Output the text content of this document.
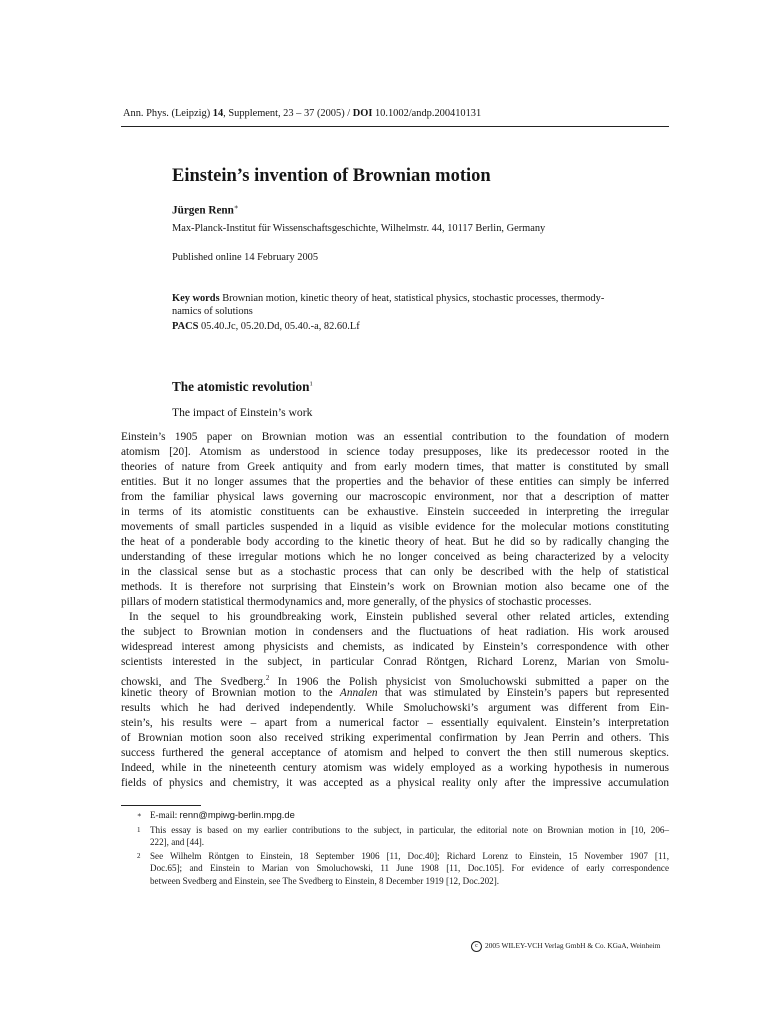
Ann. Phys. (Leipzig) 14, Supplement, 23 – 37 (2005) / DOI 10.1002/andp.200410131
Einstein’s invention of Brownian motion
Jürgen Renn∗
Max-Planck-Institut für Wissenschaftsgeschichte, Wilhelmstr. 44, 10117 Berlin, Germany
Published online 14 February 2005
Key words Brownian motion, kinetic theory of heat, statistical physics, stochastic processes, thermody-
namics of solutions
PACS 05.40.Jc, 05.20.Dd, 05.40.-a, 82.60.Lf
The atomistic revolution$^1$
The impact of Einstein’s work
Einstein’s 1905 paper on Brownian motion was an essential contribution to the foundation of modern
atomism [20]. Atomism as understood in science today presupposes, like its predecessor rooted in the
theories of nature from Greek antiquity and from early modern times, that matter is constituted by small
entities. But it no longer assumes that the properties and the behavior of these entities can simply be inferred
from the familiar physical laws governing our macroscopic environment, nor that a description of matter
in terms of its atomistic constituents can be exhaustive. Einstein succeeded in interpreting the irregular
movements of small particles suspended in a liquid as visible evidence for the molecular motions constituting
the heat of a ponderable body according to the kinetic theory of heat. But he did so by radically changing the
understanding of these irregular motions which he no longer conceived as being characterized by a velocity
in the classical sense but as a stochastic process that can only be described with the help of statistical
methods. It is therefore not surprising that Einstein’s work on Brownian motion also became one of the
pillars of modern statistical thermodynamics and, more generally, of the physics of stochastic processes.
In the sequel to his groundbreaking work, Einstein published several other related articles, extending
the subject to Brownian motion in condensers and the fluctuations of heat radiation. His work aroused
widespread interest among physicists and chemists, as indicated by Einstein’s correspondence with other
scientists interested in the subject, in particular Conrad Röntgen, Richard Lorenz, Marian von Smolu-
chowski, and The Svedberg.$^2$ In 1906 the Polish physicist von Smoluchowski submitted a paper on the
kinetic theory of Brownian motion to the Annalen that was stimulated by Einstein’s papers but represented
results which he had derived independently. While Smoluchowski’s argument was different from Ein-
stein’s, his results were – apart from a numerical factor – essentially equivalent. Einstein’s interpretation
of Brownian motion soon also received striking experimental confirmation by Jean Perrin and others. This
success furthered the general acceptance of atomism and helped to convert the then still numerous skeptics.
Indeed, while in the nineteenth century atomism was widely employed as a working hypothesis in numerous
fields of physics and chemistry, it was accepted as a physical reality only after the impressive accumulation
∗ E-mail: renn@mpiwg-berlin.mpg.de
1 This essay is based on my earlier contributions to the subject, in particular, the editorial note on Brownian motion in [10, 206–
222], and [44].
2 See Wilhelm Röntgen to Einstein, 18 September 1906 [11, Doc.40]; Richard Lorenz to Einstein, 15 November 1907 [11,
Doc.65]; and Einstein to Marian von Smoluchowski, 11 June 1908 [11, Doc.105]. For evidence of early correspondence
between Svedberg and Einstein, see The Svedberg to Einstein, 8 December 1919 [12, Doc.202].
c 2005 WILEY-VCH Verlag GmbH & Co. KGaA, Weinheim
